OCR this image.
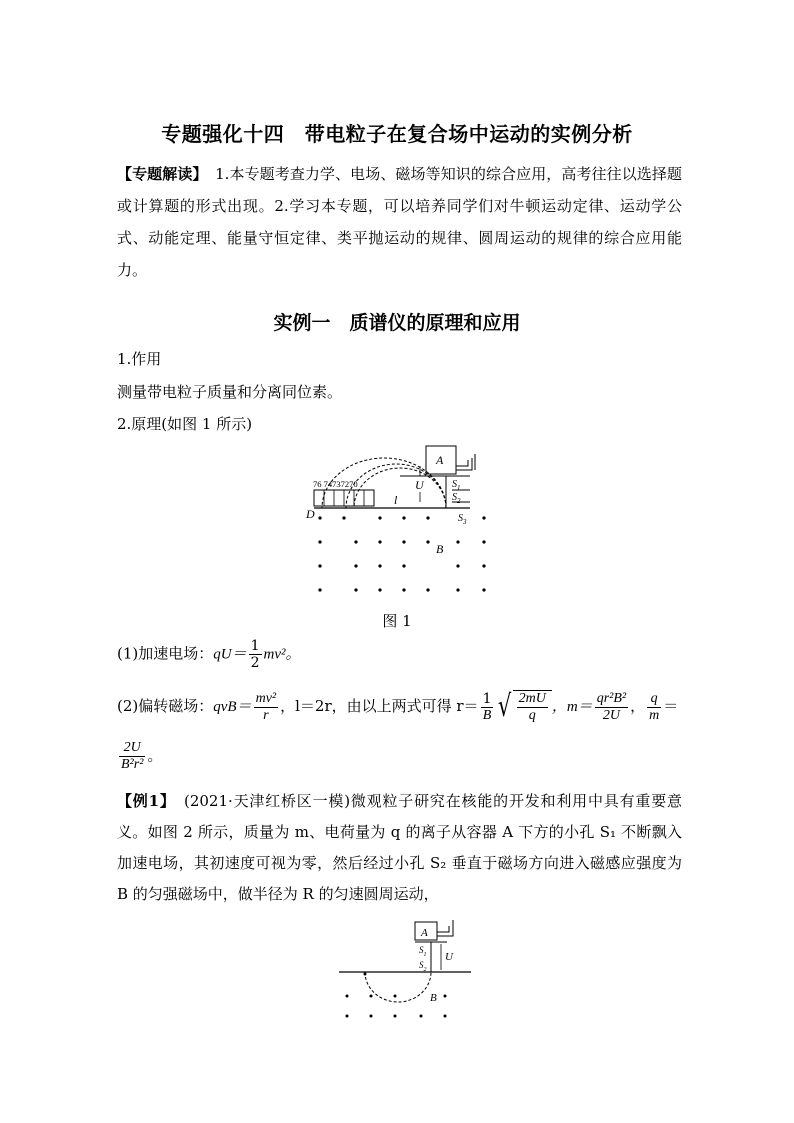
专题强化十四　带电粒子在复合场中运动的实例分析
【专题解读】　1.本专题考查力学、电场、磁场等知识的综合应用，高考往往以选择题或计算题的形式出现。2.学习本专题，可以培养同学们对牛顿运动定律、运动学公式、动能定理、能量守恒定律、类平抛运动的规律、圆周运动的规律的综合应用能力。
实例一　质谱仪的原理和应用
1.作用
测量带电粒子质量和分离同位素。
2.原理(如图 1 所示)
A
$S_1$
$S_2$
$S_3$
U
76 74737270
l
D
B
图 1
(1)加速电场：$qU= \frac{1}{2} mv^2$。
(2)偏转磁场：$qvB= \frac{\text{mv²}}{r}$ ，l＝2r，由以上两式可得 $r= \frac{1}{B}$ √ $\frac{2mU}{q}$ ，$m= \frac{\text{qr²B²}}{2U}$ ， $\frac{q}{m}$ ＝
$\frac{2U}{\text{B²r²}}$ 。
【例1】　(2021·天津红桥区一模)微观粒子研究在核能的开发和利用中具有重要意义。如图 2 所示，质量为 m、电荷量为 q 的离子从容器 A 下方的小孔 S₁ 不断飘入加速电场，其初速度可视为零，然后经过小孔 S₂ 垂直于磁场方向进入磁感应强度为 B 的匀强磁场中，做半径为 R 的匀速圆周运动，
A
$S_1$
$S_2$
U
B
